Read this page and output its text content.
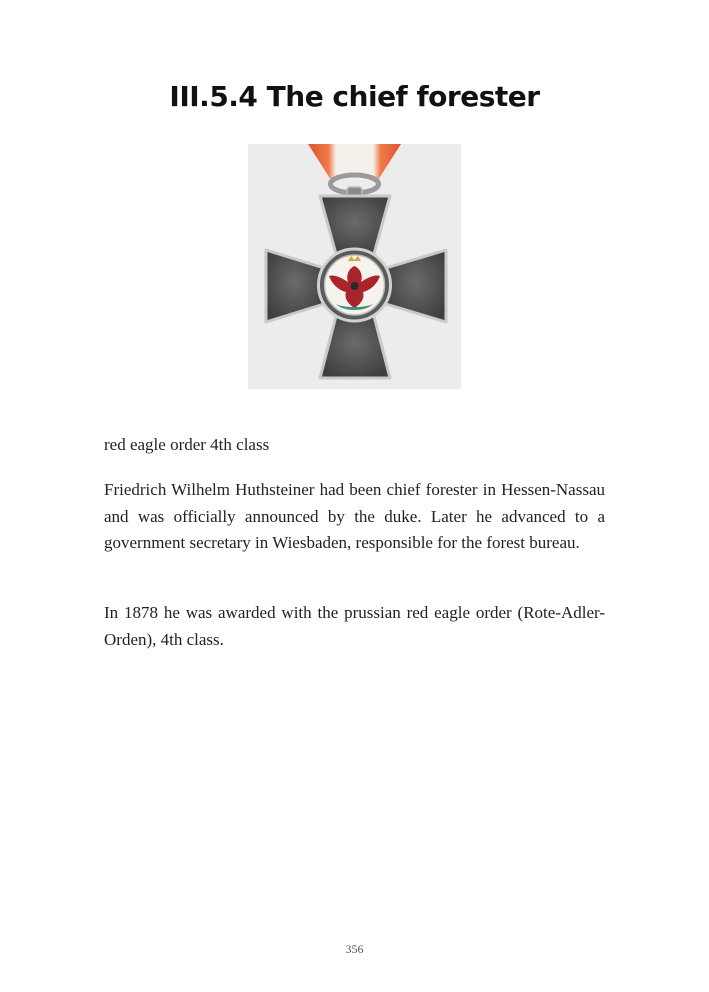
III.5.4 The chief forester

red eagle order 4th class

Friedrich Wilhelm Huthsteiner had been chief forester in Hessen-Nassau and was officially announced by the duke. Later he advanced to a government secretary in Wiesbaden, responsible for the forest bureau.

In 1878 he was awarded with the prussian red eagle order (Rote-Adler-Orden), 4th class.

356
